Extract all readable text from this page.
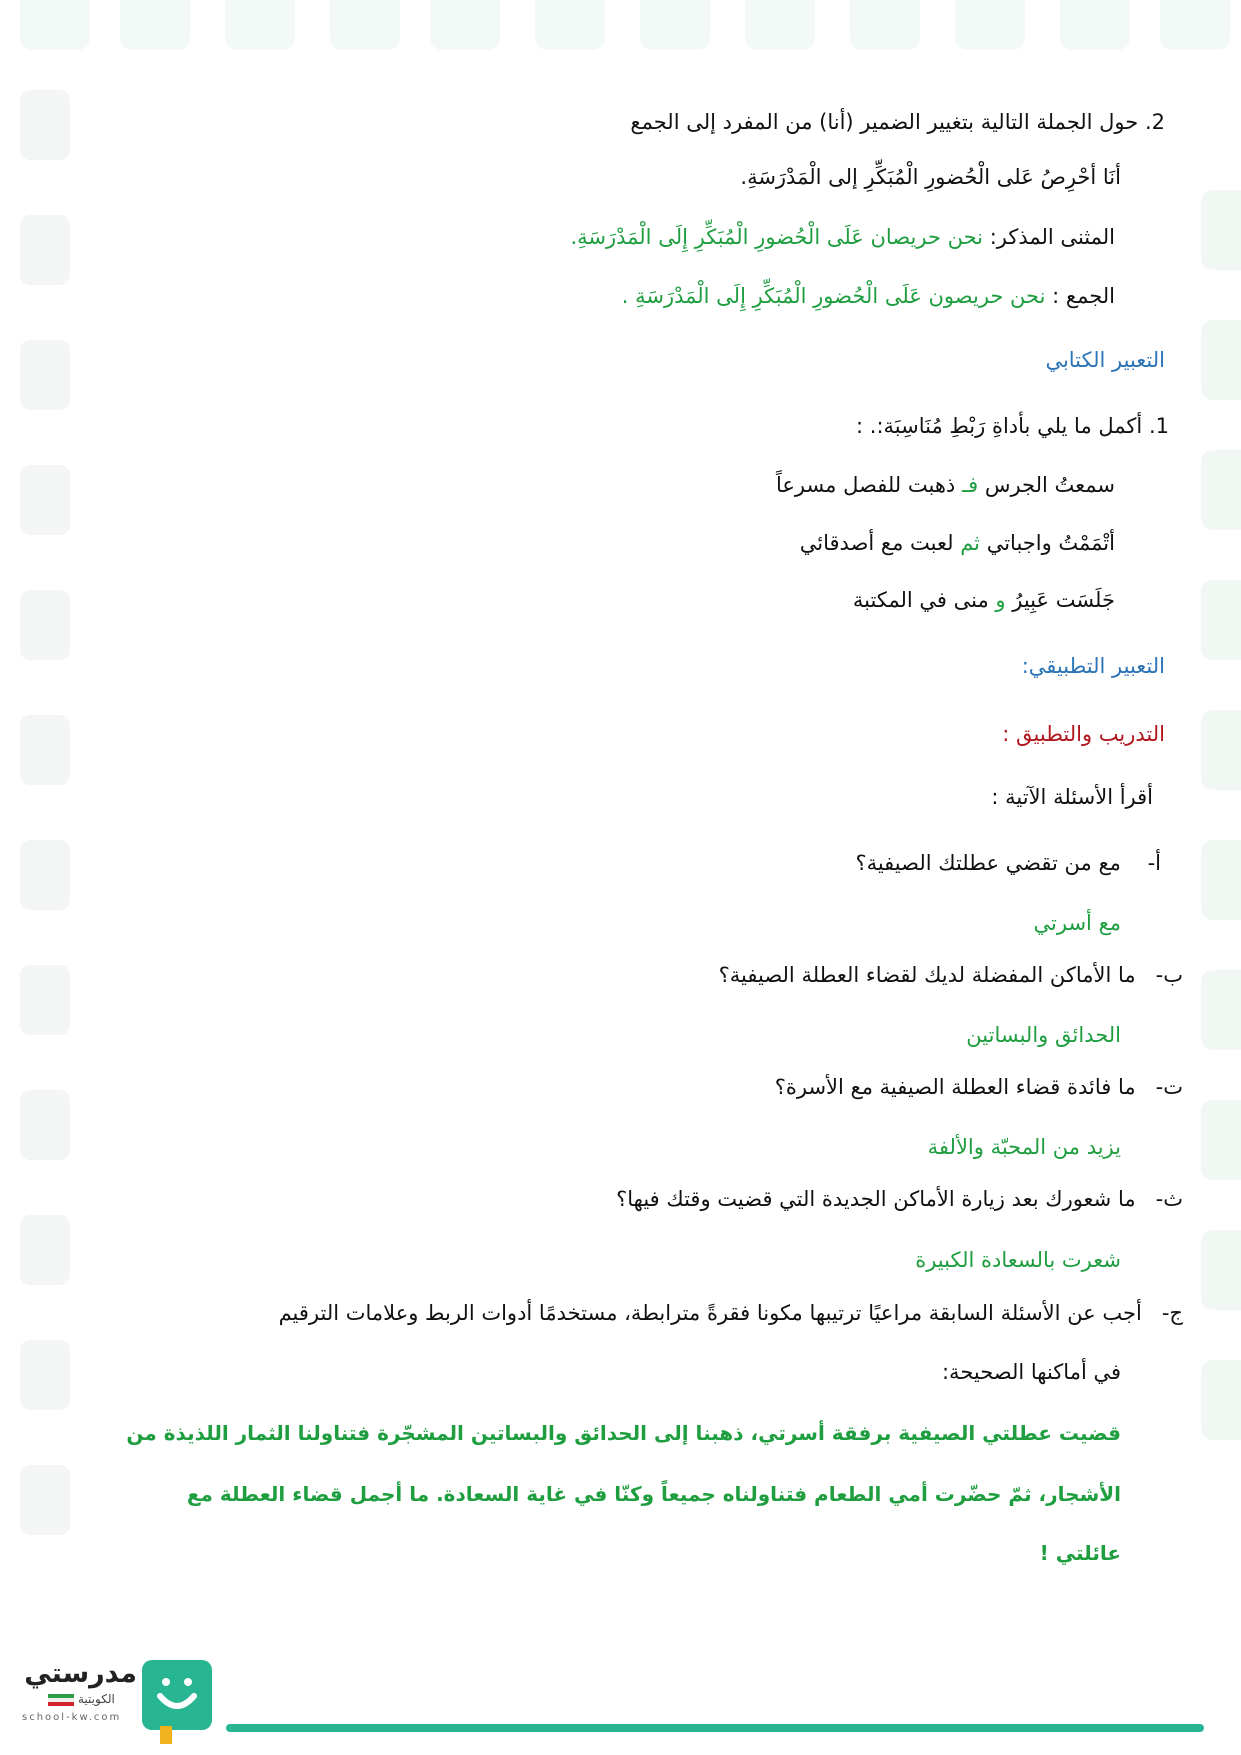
2. حول الجملة التالية بتغيير الضمير (أنا) من المفرد إلى الجمع
أنَا أحْرِصُ عَلى الْحُضورِ الْمُبَكِّرِ إلى الْمَدْرَسَةِ.
المثنى المذكر: نحن حريصان عَلَى الْحُضورِ الْمُبَكِّرِ إِلَى الْمَدْرَسَةِ.
الجمع : نحن حريصون عَلَى الْحُضورِ الْمُبَكِّرِ إِلَى الْمَدْرَسَةِ .
التعبير الكتابي
1. أكمل ما يلي بأداةِ رَبْطِ مُنَاسِبَة:. :
سمعتُ الجرس فـ ذهبت للفصل مسرعاً
أتْمَمْتُ واجباتي ثم لعبت مع أصدقائي
جَلَسَت عَبِيرُ و منى في المكتبة
التعبير التطبيقي:
التدريب والتطبيق :
أقرأ الأسئلة الآتية :
أ-    مع من تقضي عطلتك الصيفية؟
مع أسرتي
ب-   ما الأماكن المفضلة لديك لقضاء العطلة الصيفية؟
الحدائق والبساتين
ت-   ما فائدة قضاء العطلة الصيفية مع الأسرة؟
يزيد من المحبّة والألفة
ث-   ما شعورك بعد زيارة الأماكن الجديدة التي قضيت وقتك فيها؟
شعرت بالسعادة الكبيرة
ج-   أجب عن الأسئلة السابقة مراعيًا ترتيبها مكونا فقرةً مترابطة، مستخدمًا أدوات الربط وعلامات الترقيم
في أماكنها الصحيحة:
قضيت عطلتي الصيفية برفقة أسرتي، ذهبنا إلى الحدائق والبساتين المشجّرة فتناولنا الثمار اللذيذة من
الأشجار، ثمّ حضّرت أمي الطعام فتناولناه جميعاً وكنّا في غاية السعادة. ما أجمل قضاء العطلة مع
عائلتي !
مدرستي
الكويتية
school-kw.com
